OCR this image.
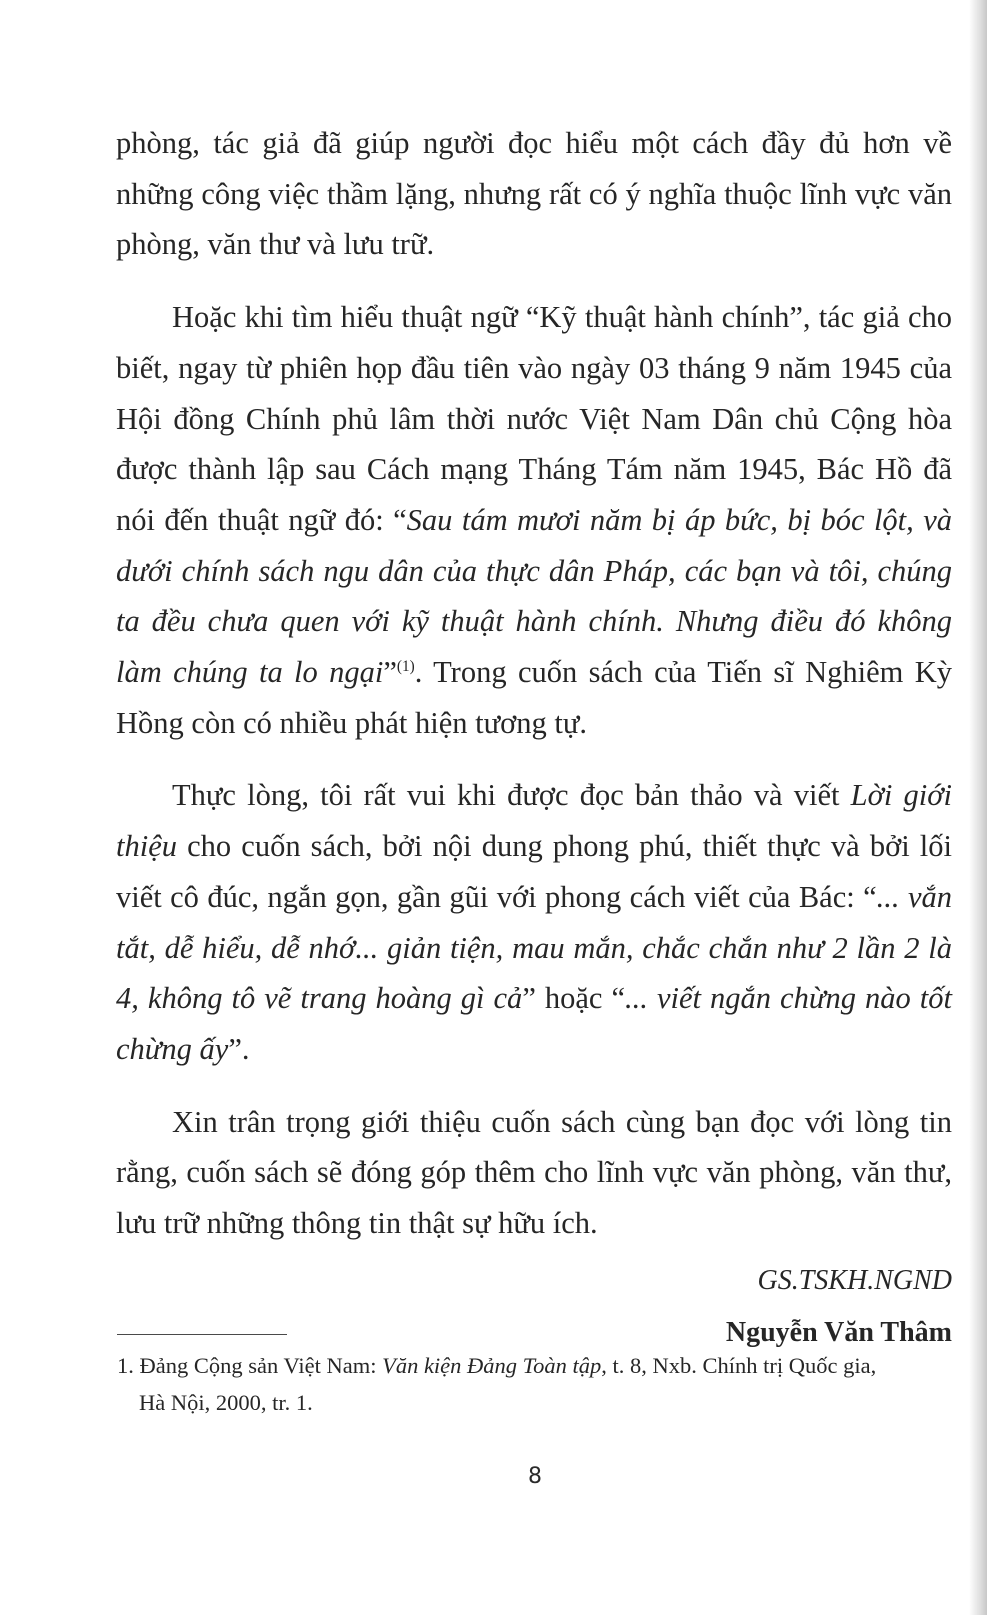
phòng, tác giả đã giúp người đọc hiểu một cách đầy đủ hơn về những công việc thầm lặng, nhưng rất có ý nghĩa thuộc lĩnh vực văn phòng, văn thư và lưu trữ.

Hoặc khi tìm hiểu thuật ngữ “Kỹ thuật hành chính”, tác giả cho biết, ngay từ phiên họp đầu tiên vào ngày 03 tháng 9 năm 1945 của Hội đồng Chính phủ lâm thời nước Việt Nam Dân chủ Cộng hòa được thành lập sau Cách mạng Tháng Tám năm 1945, Bác Hồ đã nói đến thuật ngữ đó: “Sau tám mươi năm bị áp bức, bị bóc lột, và dưới chính sách ngu dân của thực dân Pháp, các bạn và tôi, chúng ta đều chưa quen với kỹ thuật hành chính. Nhưng điều đó không làm chúng ta lo ngại”$^{(1)}$. Trong cuốn sách của Tiến sĩ Nghiêm Kỳ Hồng còn có nhiều phát hiện tương tự.

Thực lòng, tôi rất vui khi được đọc bản thảo và viết Lời giới thiệu cho cuốn sách, bởi nội dung phong phú, thiết thực và bởi lối viết cô đúc, ngắn gọn, gần gũi với phong cách viết của Bác: “... vắn tắt, dễ hiểu, dễ nhớ... giản tiện, mau mắn, chắc chắn như 2 lần 2 là 4, không tô vẽ trang hoàng gì cả” hoặc “... viết ngắn chừng nào tốt chừng ấy”.

Xin trân trọng giới thiệu cuốn sách cùng bạn đọc với lòng tin rằng, cuốn sách sẽ đóng góp thêm cho lĩnh vực văn phòng, văn thư, lưu trữ những thông tin thật sự hữu ích.

GS.TSKH.NGND
Nguyễn Văn Thâm
1. Đảng Cộng sản Việt Nam: Văn kiện Đảng Toàn tập, t. 8, Nxb. Chính trị Quốc gia,
Hà Nội, 2000, tr. 1.
8
